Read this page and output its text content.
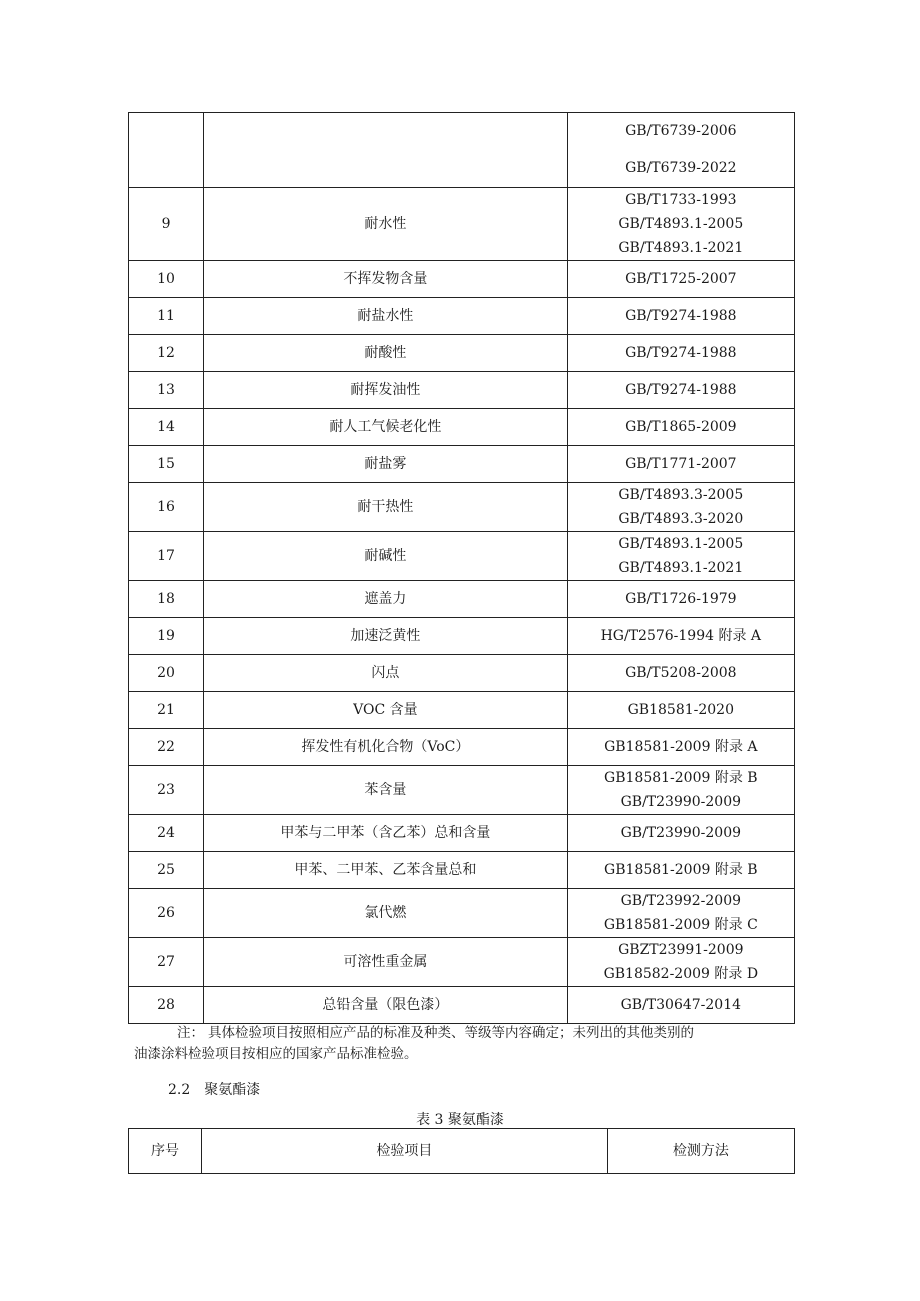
		GB/T6739-2006
GB/T6739-2022

9	耐水性	GB/T1733-1993
GB/T4893.1-2005
GB/T4893.1-2021

10	不挥发物含量	GB/T1725-2007

11	耐盐水性	GB/T9274-1988

12	耐酸性	GB/T9274-1988

13	耐挥发油性	GB/T9274-1988

14	耐人工气候老化性	GB/T1865-2009

15	耐盐雾	GB/T1771-2007

16	耐干热性	GB/T4893.3-2005
GB/T4893.3-2020

17	耐碱性	GB/T4893.1-2005
GB/T4893.1-2021

18	遮盖力	GB/T1726-1979

19	加速泛黄性	HG/T2576-1994 附录 A

20	闪点	GB/T5208-2008

21	VOC 含量	GB18581-2020

22	挥发性有机化合物（VoC）	GB18581-2009 附录 A

23	苯含量	GB18581-2009 附录 B
GB/T23990-2009

24	甲苯与二甲苯（含乙苯）总和含量	GB/T23990-2009

25	甲苯、二甲苯、乙苯含量总和	GB18581-2009 附录 B

26	氯代燃	GB/T23992-2009
GB18581-2009 附录 C

27	可溶性重金属	GBZT23991-2009
GB18582-2009 附录 D

28	总铅含量（限色漆）	GB/T30647-2014
注： 具体检验项目按照相应产品的标准及种类、等级等内容确定；未列出的其他类别的
油漆涂料检验项目按相应的国家产品标准检验。
2.2 聚氨酯漆
表 3 聚氨酯漆
序号	检验项目	检测方法
